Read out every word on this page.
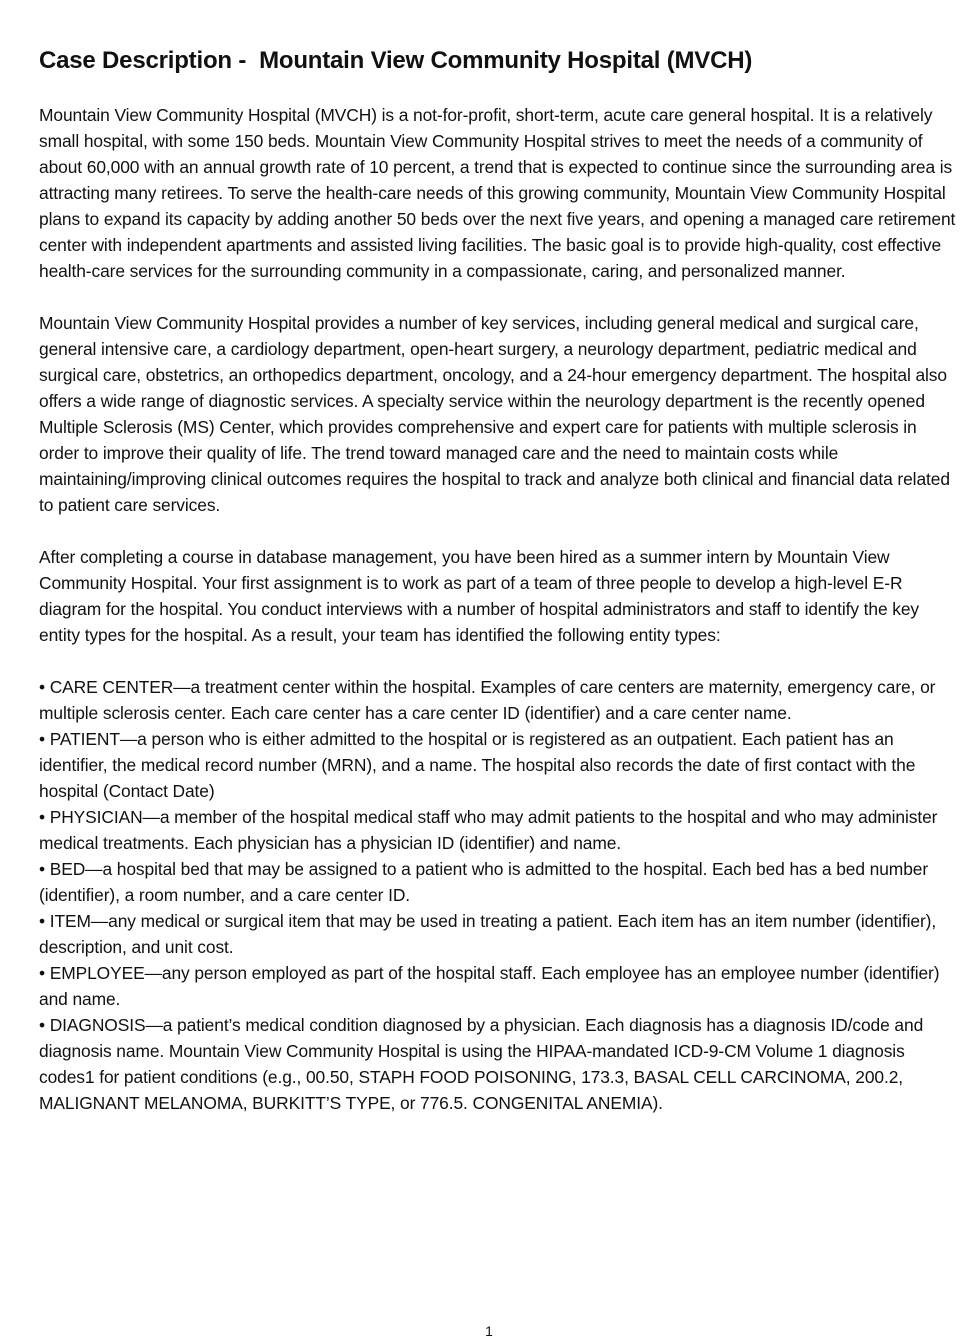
Case Description -  Mountain View Community Hospital (MVCH)

Mountain View Community Hospital (MVCH) is a not-for-profit, short-term, acute care general hospital. It is a relatively small hospital, with some 150 beds. Mountain View Community Hospital strives to meet the needs of a community of about 60,000 with an annual growth rate of 10 percent, a trend that is expected to continue since the surrounding area is attracting many retirees. To serve the health-care needs of this growing community, Mountain View Community Hospital plans to expand its capacity by adding another 50 beds over the next five years, and opening a managed care retirement center with independent apartments and assisted living facilities. The basic goal is to provide high-quality, cost effective health-care services for the surrounding community in a compassionate, caring, and personalized manner.

Mountain View Community Hospital provides a number of key services, including general medical and surgical care, general intensive care, a cardiology department, open-heart surgery, a neurology department, pediatric medical and surgical care, obstetrics, an orthopedics department, oncology, and a 24-hour emergency department. The hospital also offers a wide range of diagnostic services. A specialty service within the neurology department is the recently opened Multiple Sclerosis (MS) Center, which provides comprehensive and expert care for patients with multiple sclerosis in order to improve their quality of life. The trend toward managed care and the need to maintain costs while maintaining/improving clinical outcomes requires the hospital to track and analyze both clinical and financial data related to patient care services.

After completing a course in database management, you have been hired as a summer intern by Mountain View Community Hospital. Your first assignment is to work as part of a team of three people to develop a high-level E-R diagram for the hospital. You conduct interviews with a number of hospital administrators and staff to identify the key entity types for the hospital. As a result, your team has identified the following entity types:

• CARE CENTER—a treatment center within the hospital. Examples of care centers are maternity, emergency care, or multiple sclerosis center. Each care center has a care center ID (identifier) and a care center name.
• PATIENT—a person who is either admitted to the hospital or is registered as an outpatient. Each patient has an identifier, the medical record number (MRN), and a name. The hospital also records the date of first contact with the hospital (Contact Date)
• PHYSICIAN—a member of the hospital medical staff who may admit patients to the hospital and who may administer medical treatments. Each physician has a physician ID (identifier) and name.
• BED—a hospital bed that may be assigned to a patient who is admitted to the hospital. Each bed has a bed number (identifier), a room number, and a care center ID.
• ITEM—any medical or surgical item that may be used in treating a patient. Each item has an item number (identifier), description, and unit cost.
• EMPLOYEE—any person employed as part of the hospital staff. Each employee has an employee number (identifier) and name.
• DIAGNOSIS—a patient’s medical condition diagnosed by a physician. Each diagnosis has a diagnosis ID/code and diagnosis name. Mountain View Community Hospital is using the HIPAA-mandated ICD-9-CM Volume 1 diagnosis codes1 for patient conditions (e.g., 00.50, STAPH FOOD POISONING, 173.3, BASAL CELL CARCINOMA, 200.2, MALIGNANT MELANOMA, BURKITT’S TYPE, or 776.5. CONGENITAL ANEMIA).
1
